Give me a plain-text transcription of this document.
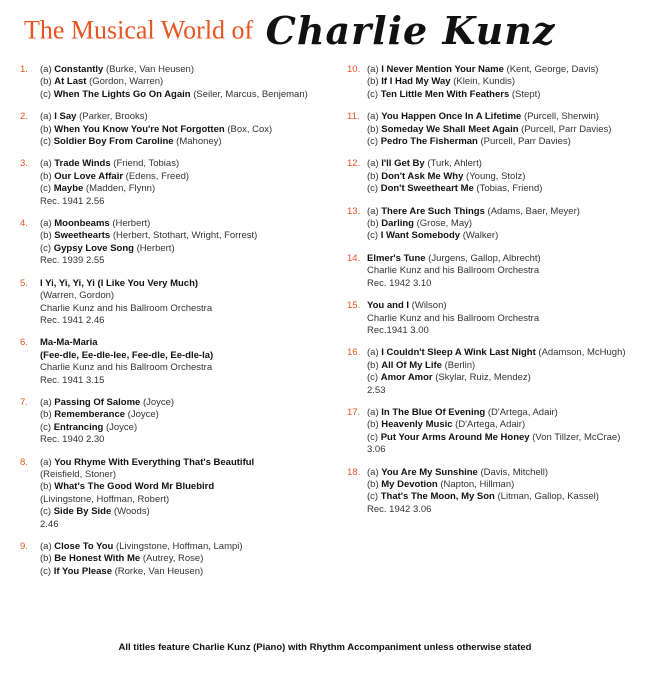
The Musical World of Charlie Kunz
1.	(a) Constantly (Burke, Van Heusen)
(b) At Last (Gordon, Warren)
(c) When The Lights Go On Again (Seiler, Marcus, Benjeman)
2.	(a) I Say (Parker, Brooks)
(b) When You Know You're Not Forgotten (Box, Cox)
(c) Soldier Boy From Caroline (Mahoney)
3.	(a) Trade Winds (Friend, Tobias)
(b) Our Love Affair (Edens, Freed)
(c) Maybe (Madden, Flynn)
Rec. 1941 2.56
4.	(a) Moonbeams (Herbert)
(b) Sweethearts (Herbert, Stothart, Wright, Forrest)
(c) Gypsy Love Song (Herbert)
Rec. 1939 2.55
5.	I Yi, Yi, Yi, Yi (I Like You Very Much)
(Warren, Gordon)
Charlie Kunz and his Ballroom Orchestra
Rec. 1941 2.46
6.	Ma-Ma-Maria
(Fee-dle, Ee-dle-lee, Fee-dle, Ee-dle-la)
Charlie Kunz and his Ballroom Orchestra
Rec. 1941 3.15
7.	(a) Passing Of Salome (Joyce)
(b) Rememberance (Joyce)
(c) Entrancing (Joyce)
Rec. 1940 2.30
8.	(a) You Rhyme With Everything That's Beautiful
(Reisfield, Stoner)
(b) What's The Good Word Mr Bluebird
(Livingstone, Hoffman, Robert)
(c) Side By Side (Woods)
2.46
9.	(a) Close To You (Livingstone, Hoffman, Lampi)
(b) Be Honest With Me (Autrey, Rose)
(c) If You Please (Rorke, Van Heusen)
10. (a) I Never Mention Your Name (Kent, George, Davis)
(b) If I Had My Way (Klein, Kundis)
(c) Ten Little Men With Feathers (Stept)
11. (a) You Happen Once In A Lifetime (Purcell, Sherwin)
(b) Someday We Shall Meet Again (Purcell, Parr Davies)
(c) Pedro The Fisherman (Purcell, Parr Davies)
12. (a) I'll Get By (Turk, Ahlert)
(b) Don't Ask Me Why (Young, Stolz)
(c) Don't Sweetheart Me (Tobias, Friend)
13. (a) There Are Such Things (Adams, Baer, Meyer)
(b) Darling (Grose, May)
(c) I Want Somebody (Walker)
14. Elmer's Tune (Jurgens, Gallop, Albrecht)
Charlie Kunz and his Ballroom Orchestra
Rec. 1942 3.10
15. You and I (Wilson)
Charlie Kunz and his Ballroom Orchestra
Rec.1941 3.00
16. (a) I Couldn't Sleep A Wink Last Night (Adamson, McHugh)
(b) All Of My Life (Berlin)
(c) Amor Amor (Skylar, Ruiz, Mendez)
2.53
17. (a) In The Blue Of Evening (D'Artega, Adair)
(b) Heavenly Music (D'Artega, Adair)
(c) Put Your Arms Around Me Honey (Von Tillzer, McCrae)
3.06
18. (a) You Are My Sunshine (Davis, Mitchell)
(b) My Devotion (Napton, Hillman)
(c) That's The Moon, My Son (Litman, Gallop, Kassel)
Rec. 1942 3.06
All titles feature Charlie Kunz (Piano) with Rhythm Accompaniment unless otherwise stated
